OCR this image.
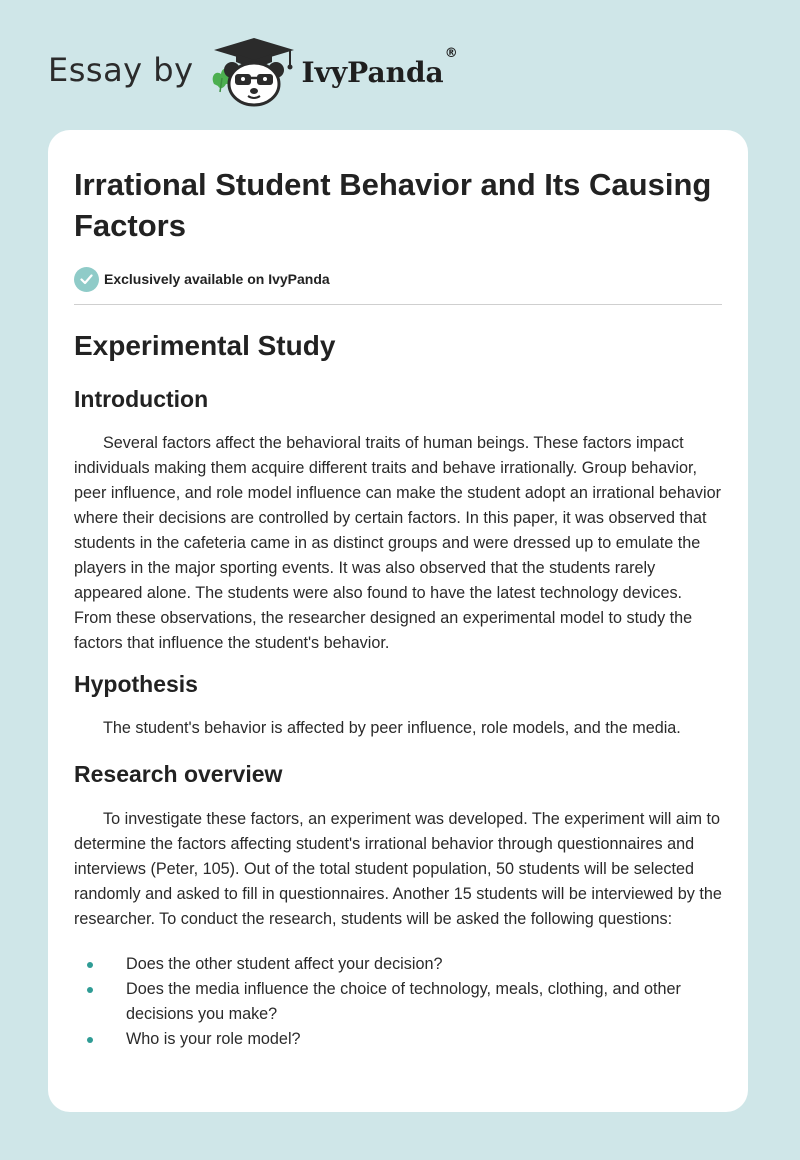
Essay by	IvyPanda®
Irrational Student Behavior and Its Causing Factors
Exclusively available on IvyPanda
Experimental Study
Introduction

Several factors affect the behavioral traits of human beings. These factors impact individuals making them acquire different traits and behave irrationally. Group behavior, peer influence, and role model influence can make the student adopt an irrational behavior where their decisions are controlled by certain factors. In this paper, it was observed that students in the cafeteria came in as distinct groups and were dressed up to emulate the players in the major sporting events. It was also observed that the students rarely appeared alone. The students were also found to have the latest technology devices. From these observations, the researcher designed an experimental model to study the factors that influence the student's behavior.

Hypothesis

The student's behavior is affected by peer influence, role models, and the media.

Research overview

To investigate these factors, an experiment was developed. The experiment will aim to determine the factors affecting student's irrational behavior through questionnaires and interviews (Peter, 105). Out of the total student population, 50 students will be selected randomly and asked to fill in questionnaires. Another 15 students will be interviewed by the researcher. To conduct the research, students will be asked the following questions:

Does the other student affect your decision?
Does the media influence the choice of technology, meals, clothing, and other decisions you make?
Who is your role model?
